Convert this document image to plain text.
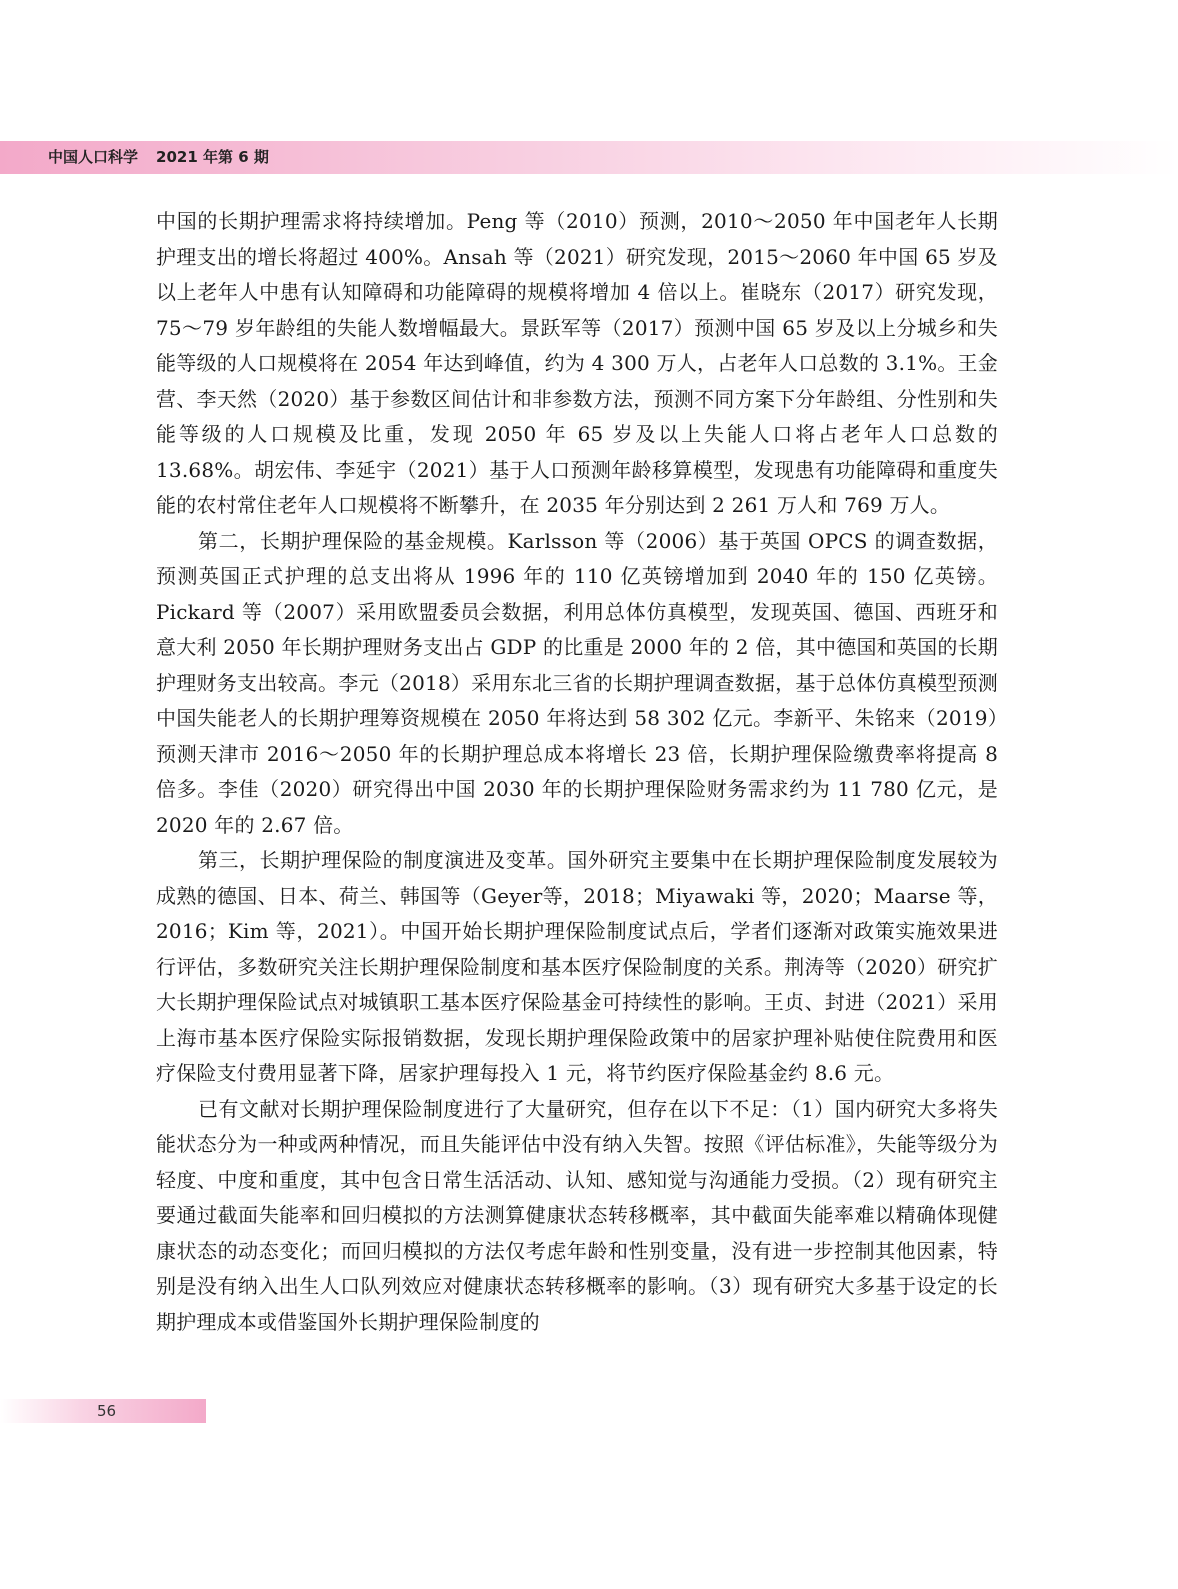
中国人口科学 2021 年第 6 期

中国的长期护理需求将持续增加。Peng 等（2010）预测，2010～2050 年中国老年人长期护理支出的增长将超过 400%。Ansah 等（2021）研究发现，2015～2060 年中国 65 岁及以上老年人中患有认知障碍和功能障碍的规模将增加 4 倍以上。崔晓东（2017）研究发现，75～79 岁年龄组的失能人数增幅最大。景跃军等（2017）预测中国 65 岁及以上分城乡和失能等级的人口规模将在 2054 年达到峰值，约为 4 300 万人，占老年人口总数的 3.1%。王金营、李天然（2020）基于参数区间估计和非参数方法，预测不同方案下分年龄组、分性别和失能等级的人口规模及比重，发现 2050 年 65 岁及以上失能人口将占老年人口总数的 13.68%。胡宏伟、李延宇（2021）基于人口预测年龄移算模型，发现患有功能障碍和重度失能的农村常住老年人口规模将不断攀升，在 2035 年分别达到 2 261 万人和 769 万人。

第二，长期护理保险的基金规模。Karlsson 等（2006）基于英国 OPCS 的调查数据，预测英国正式护理的总支出将从 1996 年的 110 亿英镑增加到 2040 年的 150 亿英镑。Pickard 等（2007）采用欧盟委员会数据，利用总体仿真模型，发现英国、德国、西班牙和意大利 2050 年长期护理财务支出占 GDP 的比重是 2000 年的 2 倍，其中德国和英国的长期护理财务支出较高。李元（2018）采用东北三省的长期护理调查数据，基于总体仿真模型预测中国失能老人的长期护理筹资规模在 2050 年将达到 58 302 亿元。李新平、朱铭来（2019）预测天津市 2016～2050 年的长期护理总成本将增长 23 倍，长期护理保险缴费率将提高 8 倍多。李佳（2020）研究得出中国 2030 年的长期护理保险财务需求约为 11 780 亿元，是 2020 年的 2.67 倍。

第三，长期护理保险的制度演进及变革。国外研究主要集中在长期护理保险制度发展较为成熟的德国、日本、荷兰、韩国等（Geyer等，2018；Miyawaki 等，2020；Maarse 等，2016；Kim 等，2021）。中国开始长期护理保险制度试点后，学者们逐渐对政策实施效果进行评估，多数研究关注长期护理保险制度和基本医疗保险制度的关系。荆涛等（2020）研究扩大长期护理保险试点对城镇职工基本医疗保险基金可持续性的影响。王贞、封进（2021）采用上海市基本医疗保险实际报销数据，发现长期护理保险政策中的居家护理补贴使住院费用和医疗保险支付费用显著下降，居家护理每投入 1 元，将节约医疗保险基金约 8.6 元。

已有文献对长期护理保险制度进行了大量研究，但存在以下不足：（1）国内研究大多将失能状态分为一种或两种情况，而且失能评估中没有纳入失智。按照《评估标准》，失能等级分为轻度、中度和重度，其中包含日常生活活动、认知、感知觉与沟通能力受损。（2）现有研究主要通过截面失能率和回归模拟的方法测算健康状态转移概率，其中截面失能率难以精确体现健康状态的动态变化；而回归模拟的方法仅考虑年龄和性别变量，没有进一步控制其他因素，特别是没有纳入出生人口队列效应对健康状态转移概率的影响。（3）现有研究大多基于设定的长期护理成本或借鉴国外长期护理保险制度的

56
